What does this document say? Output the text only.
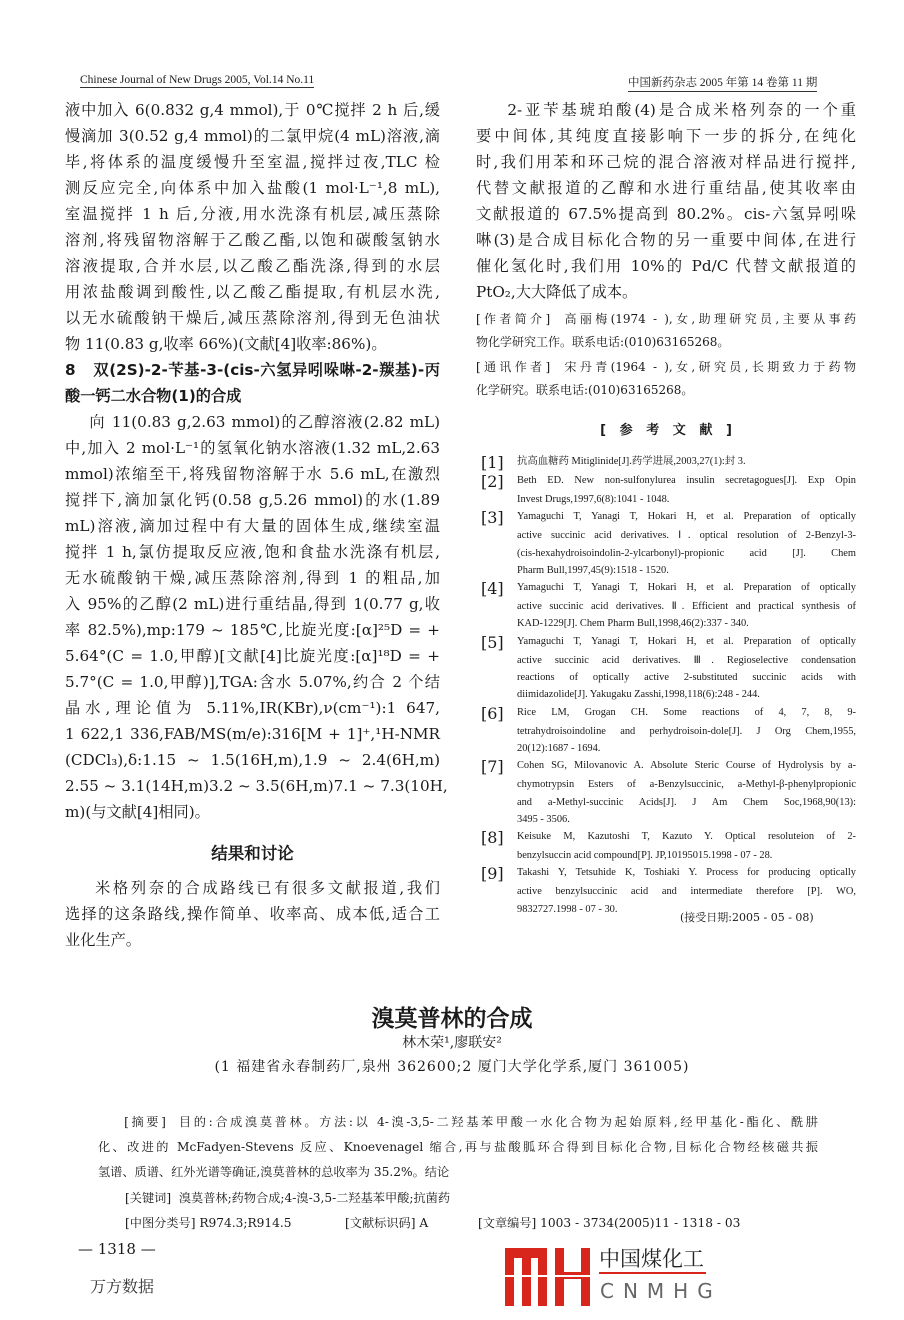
Chinese Journal of New Drugs 2005, Vol.14 No.11	中国新药杂志 2005 年第 14 卷第 11 期
液中加入 6(0.832 g,4 mmol),于 0℃搅拌 2 h 后,缓
慢滴加 3(0.52 g,4 mmol)的二氯甲烷(4 mL)溶液,滴
毕,将体系的温度缓慢升至室温,搅拌过夜,TLC 检
测反应完全,向体系中加入盐酸(1 mol·L⁻¹,8 mL),
室温搅拌 1 h 后,分液,用水洗涤有机层,减压蒸除
溶剂,将残留物溶解于乙酸乙酯,以饱和碳酸氢钠水
溶液提取,合并水层,以乙酸乙酯洗涤,得到的水层
用浓盐酸调到酸性,以乙酸乙酯提取,有机层水洗,
以无水硫酸钠干燥后,减压蒸除溶剂,得到无色油状
物 11(0.83 g,收率 66%)(文献[4]收率:86%)。
8   双(2S)-2-苄基-3-(cis-六氢异吲哚啉-2-羰基)-丙
酸一钙二水合物(1)的合成
向 11(0.83 g,2.63 mmol)的乙醇溶液(2.82 mL)
中,加入 2 mol·L⁻¹的氢氧化钠水溶液(1.32 mL,2.63
mmol)浓缩至干,将残留物溶解于水 5.6 mL,在激烈
搅拌下,滴加氯化钙(0.58 g,5.26 mmol)的水(1.89
mL)溶液,滴加过程中有大量的固体生成,继续室温
搅拌 1 h,氯仿提取反应液,饱和食盐水洗涤有机层,
无水硫酸钠干燥,减压蒸除溶剂,得到 1 的粗品,加
入 95%的乙醇(2 mL)进行重结晶,得到 1(0.77 g,收
率 82.5%),mp:179 ~ 185℃,比旋光度:[α]²⁵D = +
5.64°(C = 1.0,甲醇)[文献[4]比旋光度:[α]¹⁸D = +
5.7°(C = 1.0,甲醇)],TGA:含水 5.07%,约合 2 个结
晶水,理论值为 5.11%,IR(KBr),ν(cm⁻¹):1 647,
1 622,1 336,FAB/MS(m/e):316[M + 1]⁺,¹H-NMR
(CDCl₃),δ:1.15 ~ 1.5(16H,m),1.9 ~ 2.4(6H,m)
2.55 ~ 3.1(14H,m)3.2 ~ 3.5(6H,m)7.1 ~ 7.3(10H,
m)(与文献[4]相同)。
结果和讨论
米格列奈的合成路线已有很多文献报道,我们
选择的这条路线,操作简单、收率高、成本低,适合工
业化生产。
2-亚苄基琥珀酸(4)是合成米格列奈的一个重
要中间体,其纯度直接影响下一步的拆分,在纯化
时,我们用苯和环己烷的混合溶液对样品进行搅拌,
代替文献报道的乙醇和水进行重结晶,使其收率由
文献报道的 67.5%提高到 80.2%。cis-六氢异吲哚
啉(3)是合成目标化合物的另一重要中间体,在进行
催化氢化时,我们用 10%的 Pd/C 代替文献报道的
PtO₂,大大降低了成本。
[作者简介]  高丽梅(1974 - ),女,助理研究员,主要从事药
物化学研究工作。联系电话:(010)63165268。
[通讯作者]  宋丹青(1964 - ),女,研究员,长期致力于药物
化学研究。联系电话:(010)63165268。
[   参   考   文   献   ]
[1]	抗高血糖药 Mitiglinide[J].药学进展,2003,27(1):封 3.
[2]	Beth ED. New non-sulfonylurea insulin secretagogues[J]. Exp Opin
Invest Drugs,1997,6(8):1041 - 1048.
[3]	Yamaguchi T, Yanagi T, Hokari H, et al. Preparation of optically
active succinic acid derivatives. Ⅰ. optical resolution of 2-Benzyl-3-
(cis-hexahydroisoindolin-2-ylcarbonyl)-propionic acid [J]. Chem
Pharm Bull,1997,45(9):1518 - 1520.
[4]	Yamaguchi T, Yanagi T, Hokari H, et al. Preparation of optically
active succinic acid derivatives. Ⅱ. Efficient and practical synthesis of
KAD-1229[J]. Chem Pharm Bull,1998,46(2):337 - 340.
[5]	Yamaguchi T, Yanagi T, Hokari H, et al. Preparation of optically
active succinic acid derivatives. Ⅲ. Regioselective condensation
reactions of optically active 2-substituted succinic acids with
diimidazolide[J]. Yakugaku Zasshi,1998,118(6):248 - 244.
[6]	Rice LM, Grogan CH. Some reactions of 4, 7, 8, 9-
tetrahydroisoindoline and perhydroisoin-dole[J]. J Org Chem,1955,
20(12):1687 - 1694.
[7]	Cohen SG, Milovanovic A. Absolute Steric Course of Hydrolysis by a-
chymotrypsin Esters of a-Benzylsuccinic, a-Methyl-β-phenylpropionic
and a-Methyl-succinic Acids[J]. J Am Chem Soc,1968,90(13):
3495 - 3506.
[8]	Keisuke M, Kazutoshi T, Kazuto Y. Optical resoluteion of 2-
benzylsuccin acid compound[P]. JP,10195015.1998 - 07 - 28.
[9]	Takashi Y, Tetsuhide K, Toshiaki Y. Process for producing optically
active benzylsuccinic acid and intermediate therefore [P]. WO,
9832727.1998 - 07 - 30.
(接受日期:2005 - 05 - 08)
溴莫普林的合成
林木荣¹,廖联安²
(1 福建省永春制药厂,泉州 362600;2 厦门大学化学系,厦门 361005)
[摘要]  目的:合成溴莫普林。方法:以 4-溴-3,5-二羟基苯甲酸一水化合物为起始原料,经甲基化-酯化、酰肼
化、改进的 McFadyen-Stevens 反应、Knoevenagel 缩合,再与盐酸胍环合得到目标化合物,目标化合物经核磁共振
氢谱、质谱、红外光谱等确证,溴莫普林的总收率为 35.2%。结论
[关键词]  溴莫普林;药物合成;4-溴-3,5-二羟基苯甲酸;抗菌药
[中图分类号] R974.3;R914.5	[文献标识码] A	[文章编号] 1003 - 3734(2005)11 - 1318 - 03
— 1318 —
万方数据
中国煤化工
CNMHG
